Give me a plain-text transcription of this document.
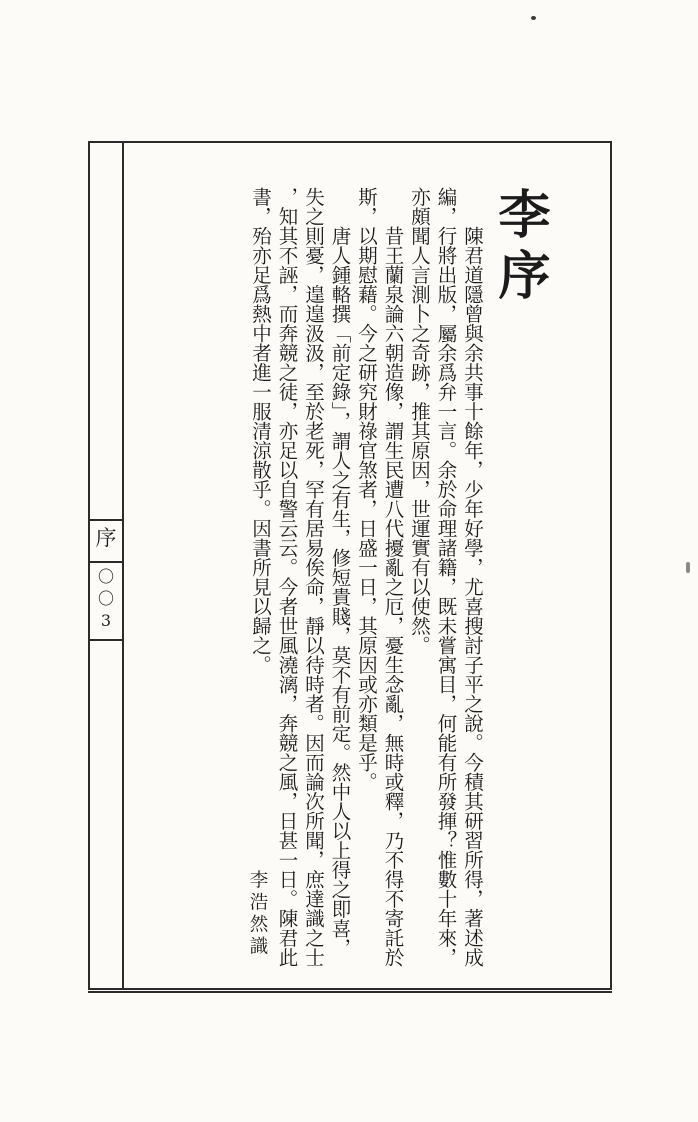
序
〇
〇
3
李序

陳君道隱曾與余共事十餘年，少年好學，尤喜搜討子平之說。今積其研習所得，著述成編，行將出版，屬余爲弁一言。余於命理諸籍，既未嘗寓目，何能有所發揮？惟數十年來，亦頗聞人言測卜之奇跡，推其原因，世運實有以使然。

昔王蘭泉論六朝造像，謂生民遭八代擾亂之厄，憂生念亂，無時或釋，乃不得不寄託於斯，以期慰藉。今之研究財祿官煞者，日盛一日，其原因或亦類是乎。

唐人鍾輅撰「前定錄」，謂人之有生，修短貴賤，莫不有前定。然中人以上得之即喜，失之則憂，遑遑汲汲，至於老死，罕有居易俟命，靜以待時者。因而論次所聞，庶達識之士，知其不誣，而奔競之徒，亦足以自警云云。今者世風澆漓，奔競之風，日甚一日。陳君此書，殆亦足爲熱中者進一服清涼散乎。因書所見以歸之。

李浩然識
